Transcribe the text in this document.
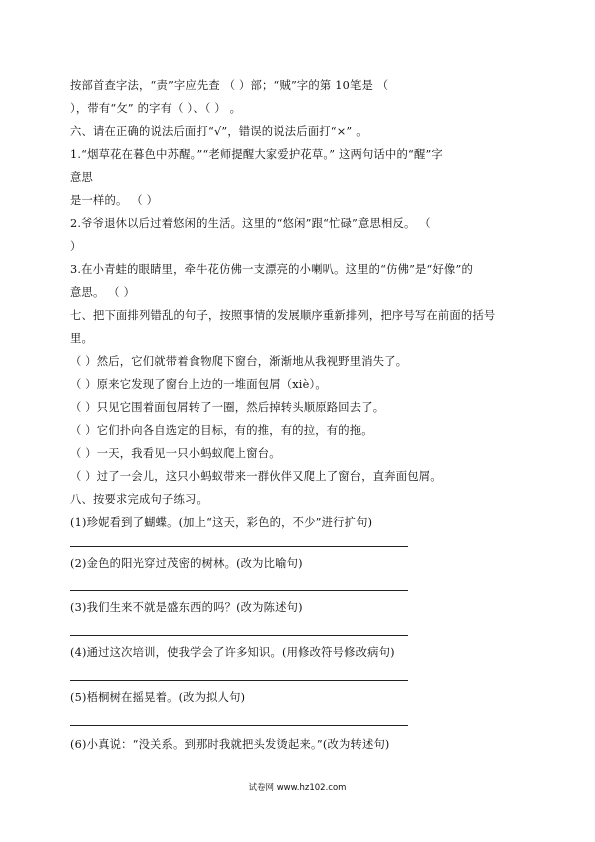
按部首查字法，“责”字应先查 （ ）部；“贼”字的第 10笔是 （
），带有“攵” 的字有（ ）、（ ） 。
六、请在正确的说法后面打“√”，错误的说法后面打“×” 。
1.“烟草花在暮色中苏醒。”“老师提醒大家爱护花草。” 这两句话中的“醒”字
意思
是一样的。 （ ）
2.爷爷退休以后过着悠闲的生活。这里的“悠闲”跟“忙碌”意思相反。 （
）
3.在小青蛙的眼睛里，牵牛花仿佛一支漂亮的小喇叭。这里的“仿佛”是“好像”的
意思。 （ ）
七、把下面排列错乱的句子，按照事情的发展顺序重新排列，把序号写在前面的括号
里。
（ ）然后，它们就带着食物爬下窗台，渐渐地从我视野里消失了。
（ ）原来它发现了窗台上边的一堆面包屑（xiè）。
（ ）只见它围着面包屑转了一圈，然后掉转头顺原路回去了。
（ ）它们扑向各自选定的目标，有的推，有的拉，有的拖。
（ ）一天，我看见一只小蚂蚁爬上窗台。
（ ）过了一会儿，这只小蚂蚁带来一群伙伴又爬上了窗台，直奔面包屑。
八、按要求完成句子练习。
(1)珍妮看到了蝴蝶。(加上“这天，彩色的，不少”进行扩句)
(2)金色的阳光穿过茂密的树林。(改为比喻句)
(3)我们生来不就是盛东西的吗？(改为陈述句)
(4)通过这次培训，使我学会了许多知识。(用修改符号修改病句)
(5)梧桐树在摇晃着。(改为拟人句)
(6)小真说：“没关系。到那时我就把头发烫起来。”(改为转述句)
试卷网 www.hz102.com
